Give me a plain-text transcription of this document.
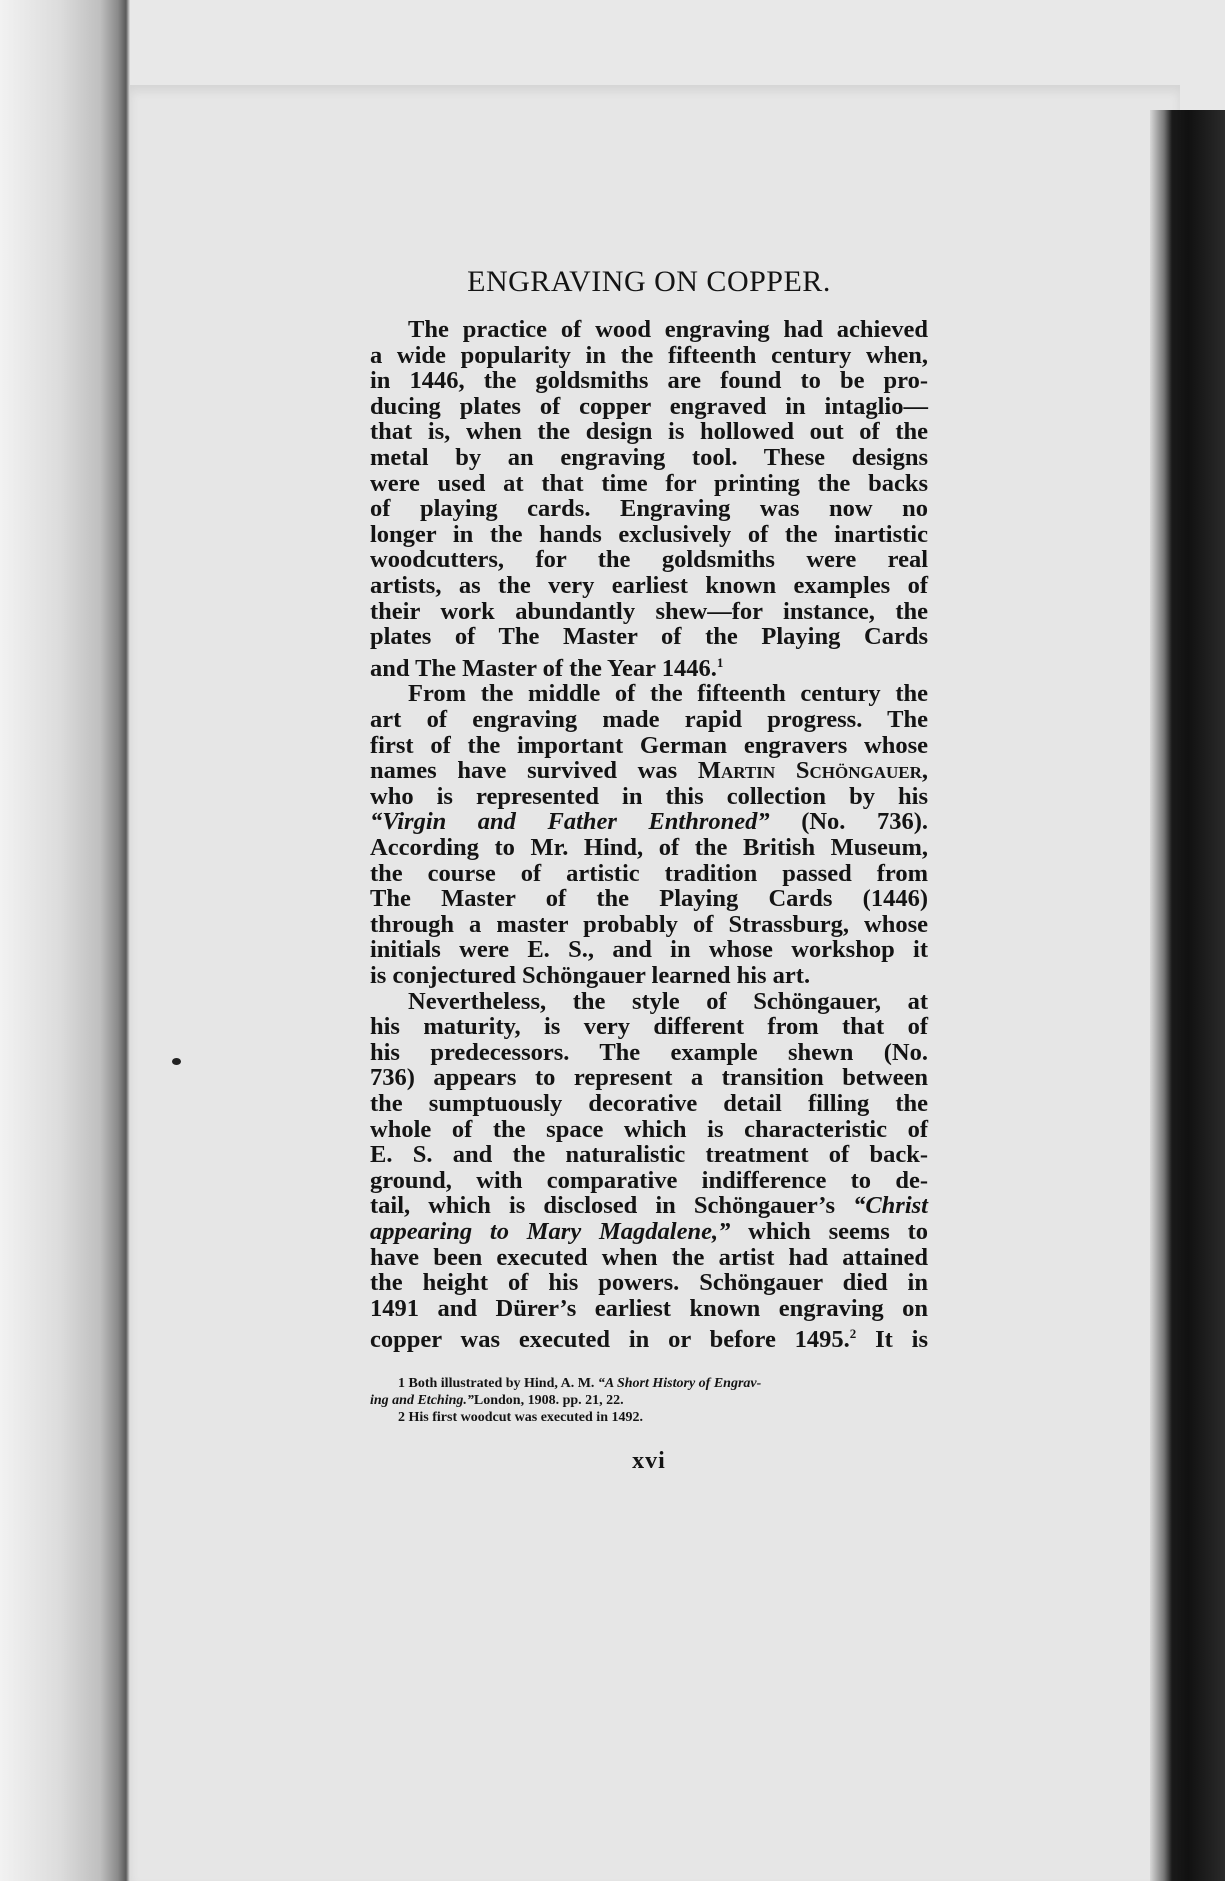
ENGRAVING ON COPPER.

The practice of wood engraving had achieved
a wide popularity in the fifteenth century when,
in 1446, the goldsmiths are found to be pro-
ducing plates of copper engraved in intaglio—
that is, when the design is hollowed out of the
metal by an engraving tool. These designs
were used at that time for printing the backs
of playing cards. Engraving was now no
longer in the hands exclusively of the inartistic
woodcutters, for the goldsmiths were real
artists, as the very earliest known examples of
their work abundantly shew—for instance, the
plates of The Master of the Playing Cards
and The Master of the Year 1446.$^1$

From the middle of the fifteenth century the
art of engraving made rapid progress. The
first of the important German engravers whose
names have survived was Martin Schöngauer,
who is represented in this collection by his
“Virgin and Father Enthroned” (No. 736).
According to Mr. Hind, of the British Museum,
the course of artistic tradition passed from
The Master of the Playing Cards (1446)
through a master probably of Strassburg, whose
initials were E. S., and in whose workshop it
is conjectured Schöngauer learned his art.

Nevertheless, the style of Schöngauer, at
his maturity, is very different from that of
his predecessors. The example shewn (No.
736) appears to represent a transition between
the sumptuously decorative detail filling the
whole of the space which is characteristic of
E. S. and the naturalistic treatment of back-
ground, with comparative indifference to de-
tail, which is disclosed in Schöngauer’s “Christ
appearing to Mary Magdalene,” which seems to
have been executed when the artist had attained
the height of his powers. Schöngauer died in
1491 and Dürer’s earliest known engraving on
copper was executed in or before 1495.$^2$ It is

1 Both illustrated by Hind, A. M. “A Short History of Engrav-
ing and Etching.”London, 1908. pp. 21, 22.
2 His first woodcut was executed in 1492.
xvi
